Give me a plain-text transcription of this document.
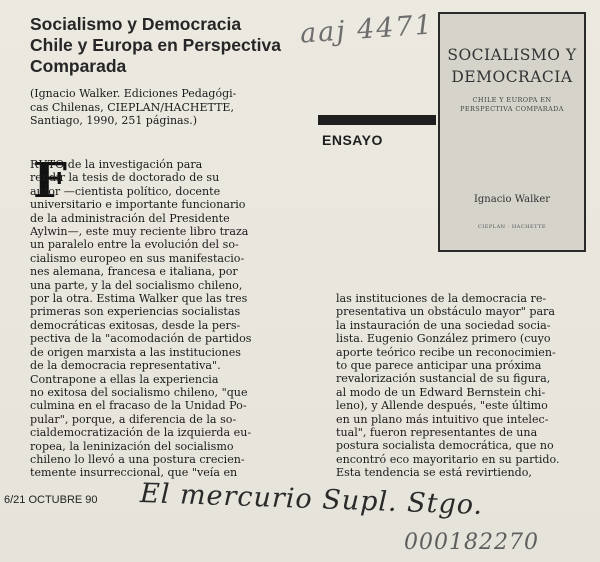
Socialismo y Democracia
Chile y Europa en Perspectiva
Comparada
(Ignacio Walker. Ediciones Pedagógi-
cas Chilenas, CIEPLAN/HACHETTE,
Santiago, 1990, 251 páginas.)
aaj 4471
ENSAYO
SOCIALISMO Y
DEMOCRACIA
CHILE Y EUROPA EN
PERSPECTIVA COMPARADA
Ignacio Walker
CIEPLAN · HACHETTE
F
RUTO de la investigación para
rendir la tesis de doctorado de su
autor —cientista político, docente
universitario e importante funcionario
de la administración del Presidente
Aylwin—, este muy reciente libro traza
un paralelo entre la evolución del so-
cialismo europeo en sus manifestacio-
nes alemana, francesa e italiana, por
una parte, y la del socialismo chileno,
por la otra. Estima Walker que las tres
primeras son experiencias socialistas
democráticas exitosas, desde la pers-
pectiva de la "acomodación de partidos
de origen marxista a las instituciones
de la democracia representativa".
Contrapone a ellas la experiencia
no exitosa del socialismo chileno, "que
culmina en el fracaso de la Unidad Po-
pular", porque, a diferencia de la so-
cialdemocratización de la izquierda eu-
ropea, la leninización del socialismo
chileno lo llevó a una postura crecien-
temente insurreccional, que "veía en
las instituciones de la democracia re-
presentativa un obstáculo mayor" para
la instauración de una sociedad socia-
lista. Eugenio González primero (cuyo
aporte teórico recibe un reconocimien-
to que parece anticipar una próxima
revalorización sustancial de su figura,
al modo de un Edward Bernstein chi-
leno), y Allende después, "este último
en un plano más intuitivo que intelec-
tual", fueron representantes de una
postura socialista democrática, que no
encontró eco mayoritario en su partido.
Esta tendencia se está revirtiendo,
6/21 OCTUBRE 90 El mercurio Supl. Stgo.
000182270
